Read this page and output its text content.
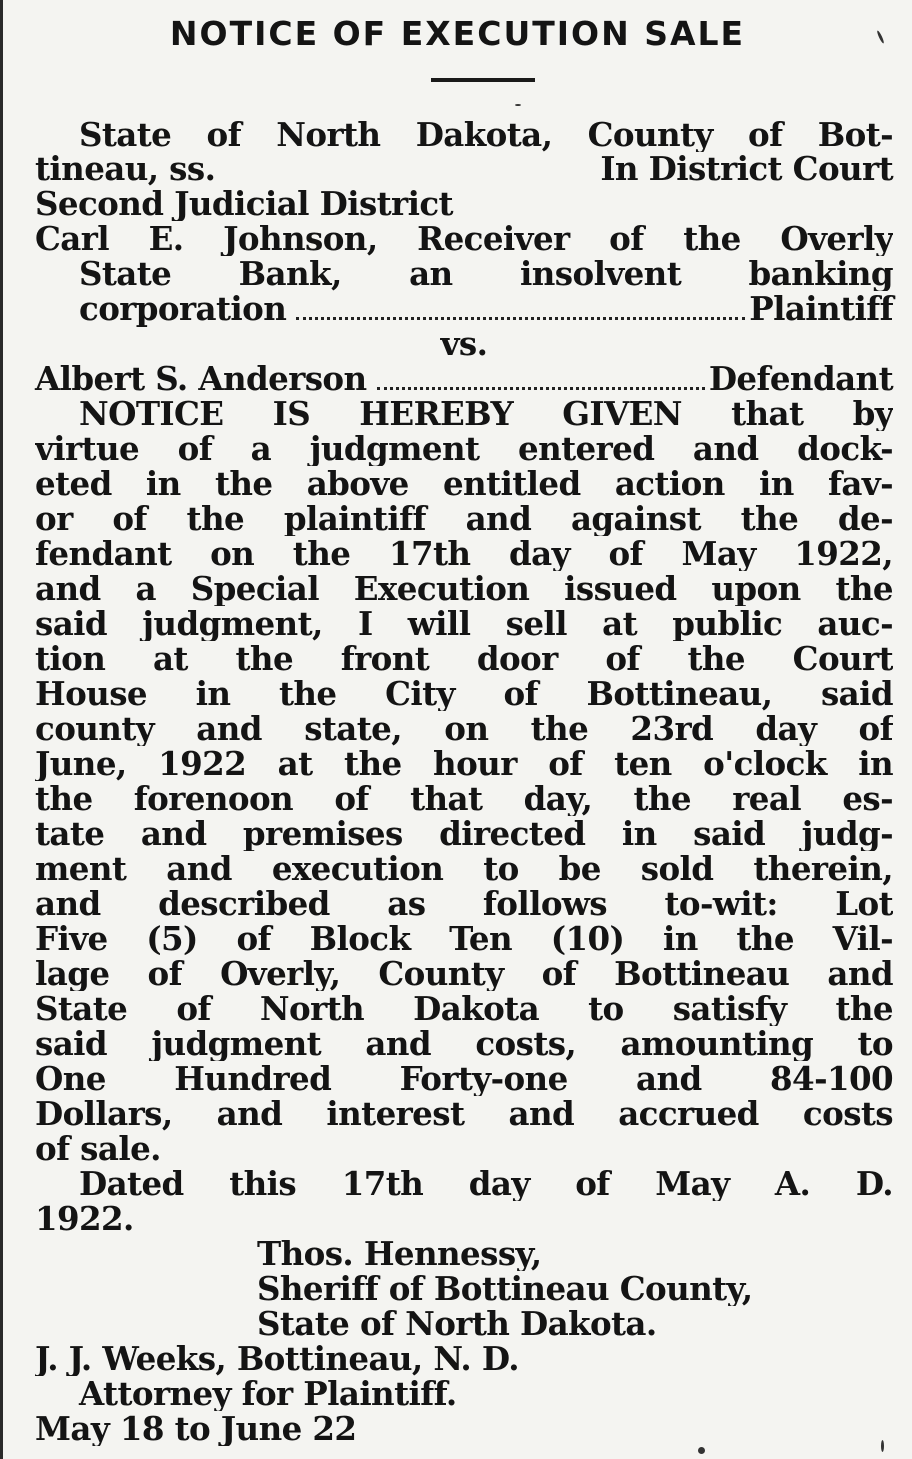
NOTICE OF EXECUTION SALE
State of North Dakota, County of Bot-
tineau, ss.	In District Court
Second Judicial District
Carl E. Johnson, Receiver of the Overly
State Bank, an insolvent banking
corporation	Plaintiff
vs.
Albert S. Anderson	Defendant
NOTICE IS HEREBY GIVEN that by
virtue of a judgment entered and dock-
eted in the above entitled action in fav-
or of the plaintiff and against the de-
fendant on the 17th day of May 1922,
and a Special Execution issued upon the
said judgment, I will sell at public auc-
tion at the front door of the Court
House in the City of Bottineau, said
county and state, on the 23rd day of
June, 1922 at the hour of ten o'clock in
the forenoon of that day, the real es-
tate and premises directed in said judg-
ment and execution to be sold therein,
and described as follows to-wit: Lot
Five (5) of Block Ten (10) in the Vil-
lage of Overly, County of Bottineau and
State of North Dakota to satisfy the
said judgment and costs, amounting to
One Hundred Forty-one and 84-100
Dollars, and interest and accrued costs
of sale.
Dated this 17th day of May A. D.
1922.
Thos. Hennessy,
Sheriff of Bottineau County,
State of North Dakota.
J. J. Weeks, Bottineau, N. D.
Attorney for Plaintiff.
May 18 to June 22
